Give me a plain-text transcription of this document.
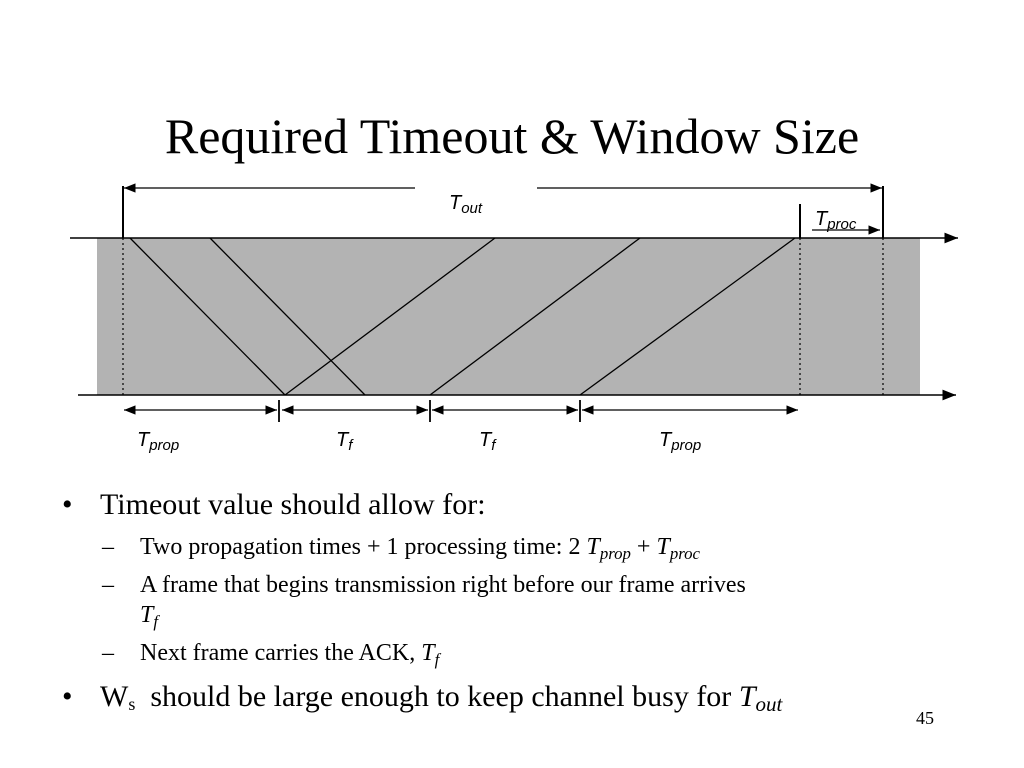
Required Timeout & Window Size
$T_{out}$	$T_{proc}$
$T_{prop}$	$T_f$	$T_f$	$T_{prop}$
• Timeout value should allow for:
– Two propagation times + 1 processing time: 2 $T_{prop} + T_{proc}$
– A frame that begins transmission right before our frame arrives
$T_f$
– Next frame carries the ACK, $T_f$
• $W_s$  should be large enough to keep channel busy for $T_{out}$
45
